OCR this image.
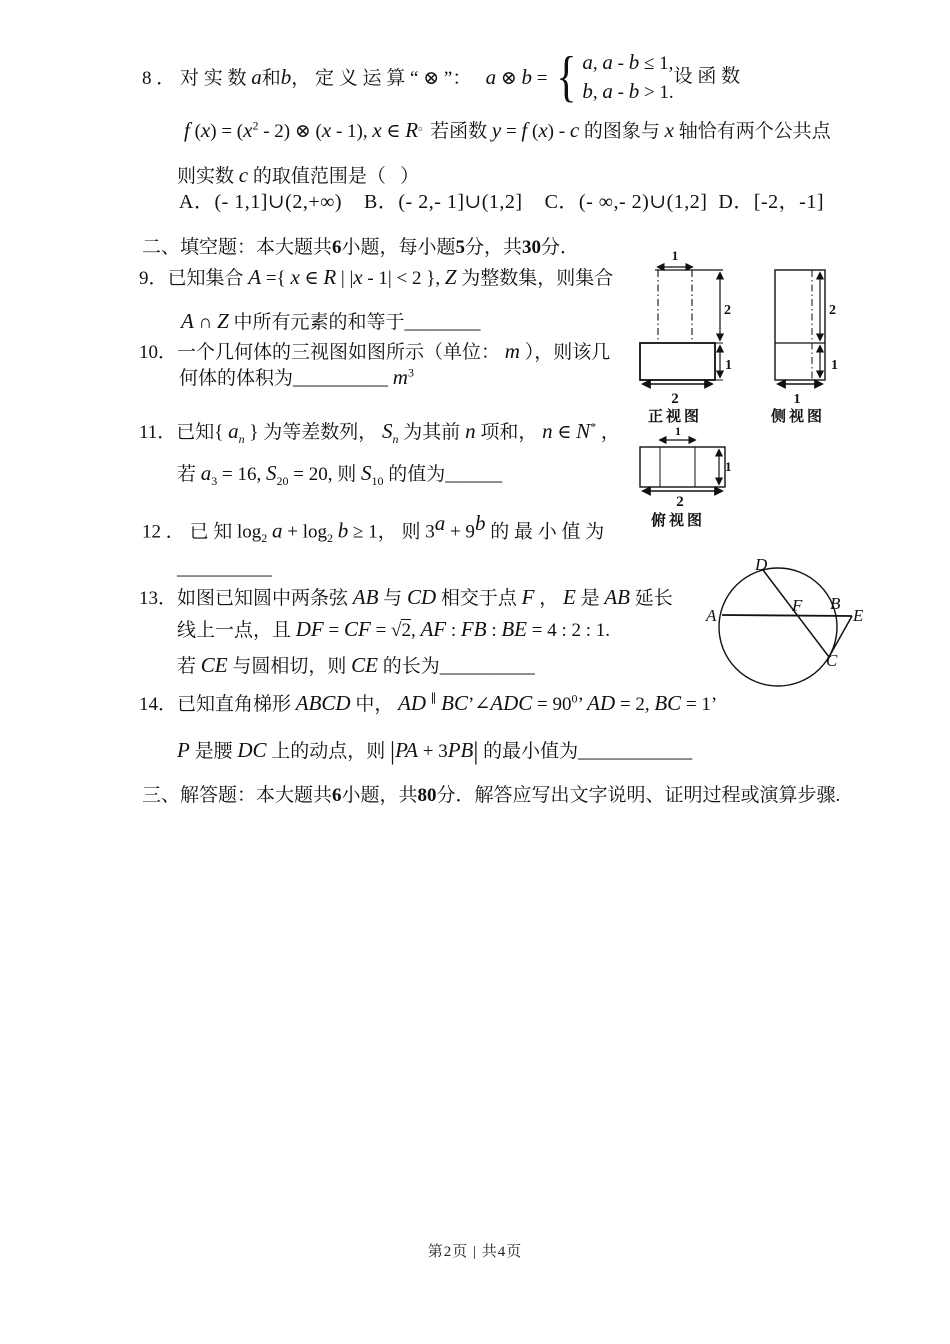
8 ． 对 实 数 a和b， 定 义 运 算 “ ⊗ ”：　 a ⊗ b = { a, a - b ≤ 1,
b, a - b > 1.
设 函 数
f $(x) = (x^2 - 2)$ ⊗ (x - 1), x ∈ R。若函数 y = f (x) - c 的图象与 x 轴恰有两个公共点
则实数 c 的取值范围是（   ）
A．(- 1,1]∪(2,+∞)    B．(- 2,- 1]∪(1,2]    C．(- ∞,- 2)∪(1,2]  D．[-2，-1]
二、填空题：本大题共6小题，每小题5分，共30分．
9．已知集合 A ={ x ∈ R | |x - 1| < 2 }, Z 为整数集，则集合
A ∩ Z 中所有元素的和等于________
10．一个几何体的三视图如图所示（单位： m ），则该几
何体的体积为__________ $m^3$
11．已知{ $a_n$ } 为等差数列， $S_n$ 为其前 n 项和， n ∈ N* ，
若 $a_3 = 16$, $S_{20} = 20$, 则 $S_{10}$ 的值为______
12 ． 已 知 $\log_2 a + \log_2 b \ge 1$， 则 $3^a + 9^b$ 的 最 小 值 为
__________
13．如图已知圆中两条弦 AB 与 CD 相交于点 F ， E 是 AB 延长
线上一点，且 DF = CF = √2, AF : FB : BE = 4 : 2 : 1.
若 CE 与圆相切，则 CE 的长为__________
14．已知直角梯形 ABCD 中， AD ∥ BC’∠ADC = $90^0$’ AD = 2, BC = 1’
P 是腰 DC 上的动点，则 |PA + 3PB| 的最小值为____________
三、解答题：本大题共6小题，共80分．解答应写出文字说明、证明过程或演算步骤.
1
2
1
2
正视图
2
1
1
侧视图
1
1
2
俯视图
A
D
F B
E
C
第2页 | 共4页
